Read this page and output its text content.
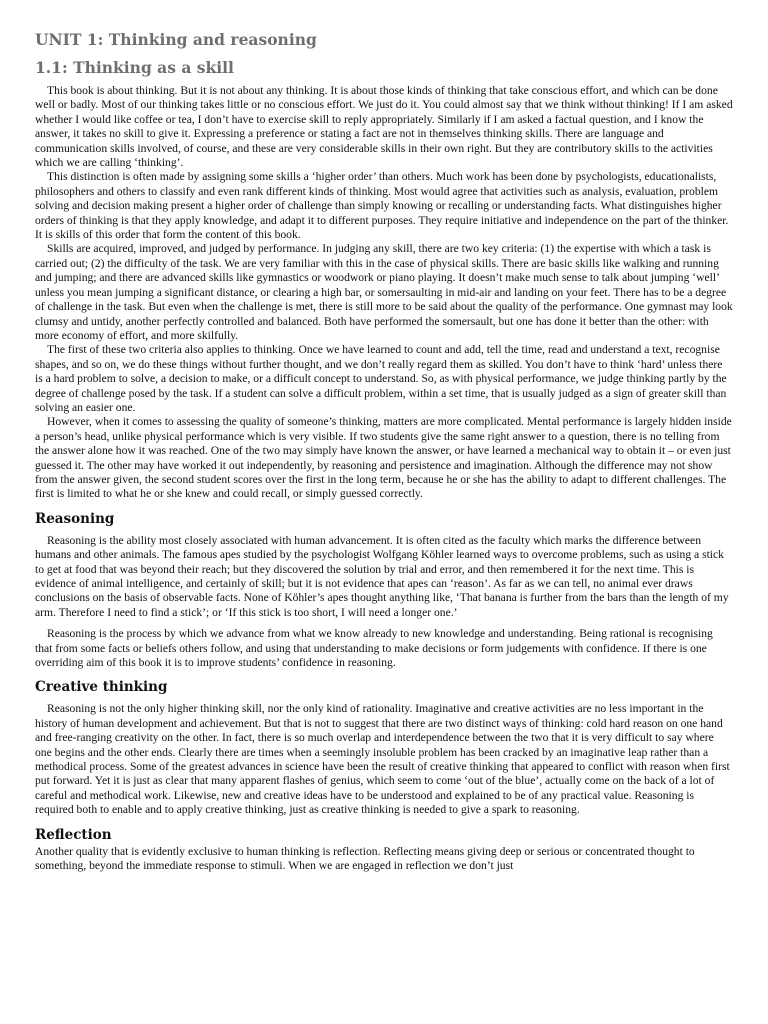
UNIT 1: Thinking and reasoning
1.1: Thinking as a skill

This book is about thinking. But it is not about any thinking. It is about those kinds of thinking that take conscious effort, and which can be done well or badly. Most of our thinking takes little or no conscious effort. We just do it. You could almost say that we think without thinking! If I am asked whether I would like coffee or tea, I don’t have to exercise skill to reply appropriately. Similarly if I am asked a factual question, and I know the answer, it takes no skill to give it. Expressing a preference or stating a fact are not in themselves thinking skills. There are language and communication skills involved, of course, and these are very considerable skills in their own right. But they are contributory skills to the activities which we are calling ‘thinking’.

This distinction is often made by assigning some skills a ‘higher order’ than others. Much work has been done by psychologists, educationalists, philosophers and others to classify and even rank different kinds of thinking. Most would agree that activities such as analysis, evaluation, problem solving and decision making present a higher order of challenge than simply knowing or recalling or understanding facts. What distinguishes higher orders of thinking is that they apply knowledge, and adapt it to different purposes. They require initiative and independence on the part of the thinker. It is skills of this order that form the content of this book.

Skills are acquired, improved, and judged by performance. In judging any skill, there are two key criteria: (1) the expertise with which a task is carried out; (2) the difficulty of the task. We are very familiar with this in the case of physical skills. There are basic skills like walking and running and jumping; and there are advanced skills like gymnastics or woodwork or piano playing. It doesn’t make much sense to talk about jumping ‘well’ unless you mean jumping a significant distance, or clearing a high bar, or somersaulting in mid-air and landing on your feet. There has to be a degree of challenge in the task. But even when the challenge is met, there is still more to be said about the quality of the performance. One gymnast may look clumsy and untidy, another perfectly controlled and balanced. Both have performed the somersault, but one has done it better than the other: with more economy of effort, and more skilfully.

The first of these two criteria also applies to thinking. Once we have learned to count and add, tell the time, read and understand a text, recognise shapes, and so on, we do these things without further thought, and we don’t really regard them as skilled. You don’t have to think ‘hard’ unless there is a hard problem to solve, a decision to make, or a difficult concept to understand. So, as with physical performance, we judge thinking partly by the degree of challenge posed by the task. If a student can solve a difficult problem, within a set time, that is usually judged as a sign of greater skill than solving an easier one.

However, when it comes to assessing the quality of someone’s thinking, matters are more complicated. Mental performance is largely hidden inside a person’s head, unlike physical performance which is very visible. If two students give the same right answer to a question, there is no telling from the answer alone how it was reached. One of the two may simply have known the answer, or have learned a mechanical way to obtain it – or even just guessed it. The other may have worked it out independently, by reasoning and persistence and imagination. Although the difference may not show from the answer given, the second student scores over the first in the long term, because he or she has the ability to adapt to different challenges. The first is limited to what he or she knew and could recall, or simply guessed correctly.

Reasoning

Reasoning is the ability most closely associated with human advancement. It is often cited as the faculty which marks the difference between humans and other animals. The famous apes studied by the psychologist Wolfgang Köhler learned ways to overcome problems, such as using a stick to get at food that was beyond their reach; but they discovered the solution by trial and error, and then remembered it for the next time. This is evidence of animal intelligence, and certainly of skill; but it is not evidence that apes can ‘reason’. As far as we can tell, no animal ever draws conclusions on the basis of observable facts. None of Köhler’s apes thought anything like, ‘That banana is further from the bars than the length of my arm. Therefore I need to find a stick’; or ‘If this stick is too short, I will need a longer one.’

Reasoning is the process by which we advance from what we know already to new knowledge and understanding. Being rational is recognising that from some facts or beliefs others follow, and using that understanding to make decisions or form judgements with confidence. If there is one overriding aim of this book it is to improve students’ confidence in reasoning.

Creative thinking

Reasoning is not the only higher thinking skill, nor the only kind of rationality. Imaginative and creative activities are no less important in the history of human development and achievement. But that is not to suggest that there are two distinct ways of thinking: cold hard reason on one hand and free-ranging creativity on the other. In fact, there is so much overlap and interdependence between the two that it is very difficult to say where one begins and the other ends. Clearly there are times when a seemingly insoluble problem has been cracked by an imaginative leap rather than a methodical process. Some of the greatest advances in science have been the result of creative thinking that appeared to conflict with reason when first put forward. Yet it is just as clear that many apparent flashes of genius, which seem to come ‘out of the blue’, actually come on the back of a lot of careful and methodical work. Likewise, new and creative ideas have to be understood and explained to be of any practical value. Reasoning is required both to enable and to apply creative thinking, just as creative thinking is needed to give a spark to reasoning.

Reflection

Another quality that is evidently exclusive to human thinking is reflection. Reflecting means giving deep or serious or concentrated thought to something, beyond the immediate response to stimuli. When we are engaged in reflection we don’t just
